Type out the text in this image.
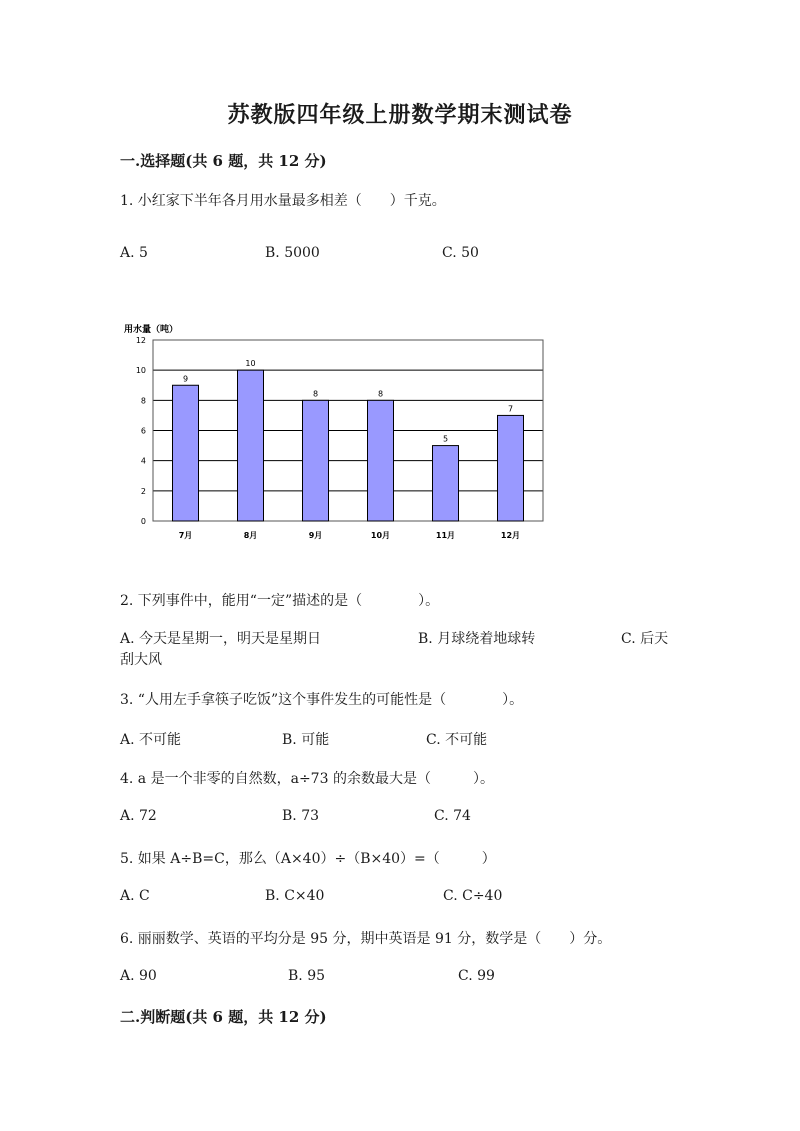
苏教版四年级上册数学期末测试卷
一.选择题(共 6 题，共 12 分)
1. 小红家下半年各月用水量最多相差（　　）千克。
A. 5	B. 5000	C. 50
用水量（吨）
0
2
4
6
8
10
12
9
7月
10
8月
8
9月
8
10月
5
11月
7
12月
2. 下列事件中，能用“一定”描述的是（　　　　）。
A. 今天是星期一，明天是星期日	B. 月球绕着地球转	C. 后天
刮大风
3. “人用左手拿筷子吃饭”这个事件发生的可能性是（　　　　）。
A. 不可能	B. 可能	C. 不可能
4. a 是一个非零的自然数，a÷73 的余数最大是（　　　）。
A. 72	B. 73	C. 74
5. 如果 A÷B=C，那么（A×40）÷（B×40）=（　　　）
A. C	B. C×40	C. C÷40
6. 丽丽数学、英语的平均分是 95 分，期中英语是 91 分，数学是（　　）分。
A. 90	B. 95	C. 99
二.判断题(共 6 题，共 12 分)
